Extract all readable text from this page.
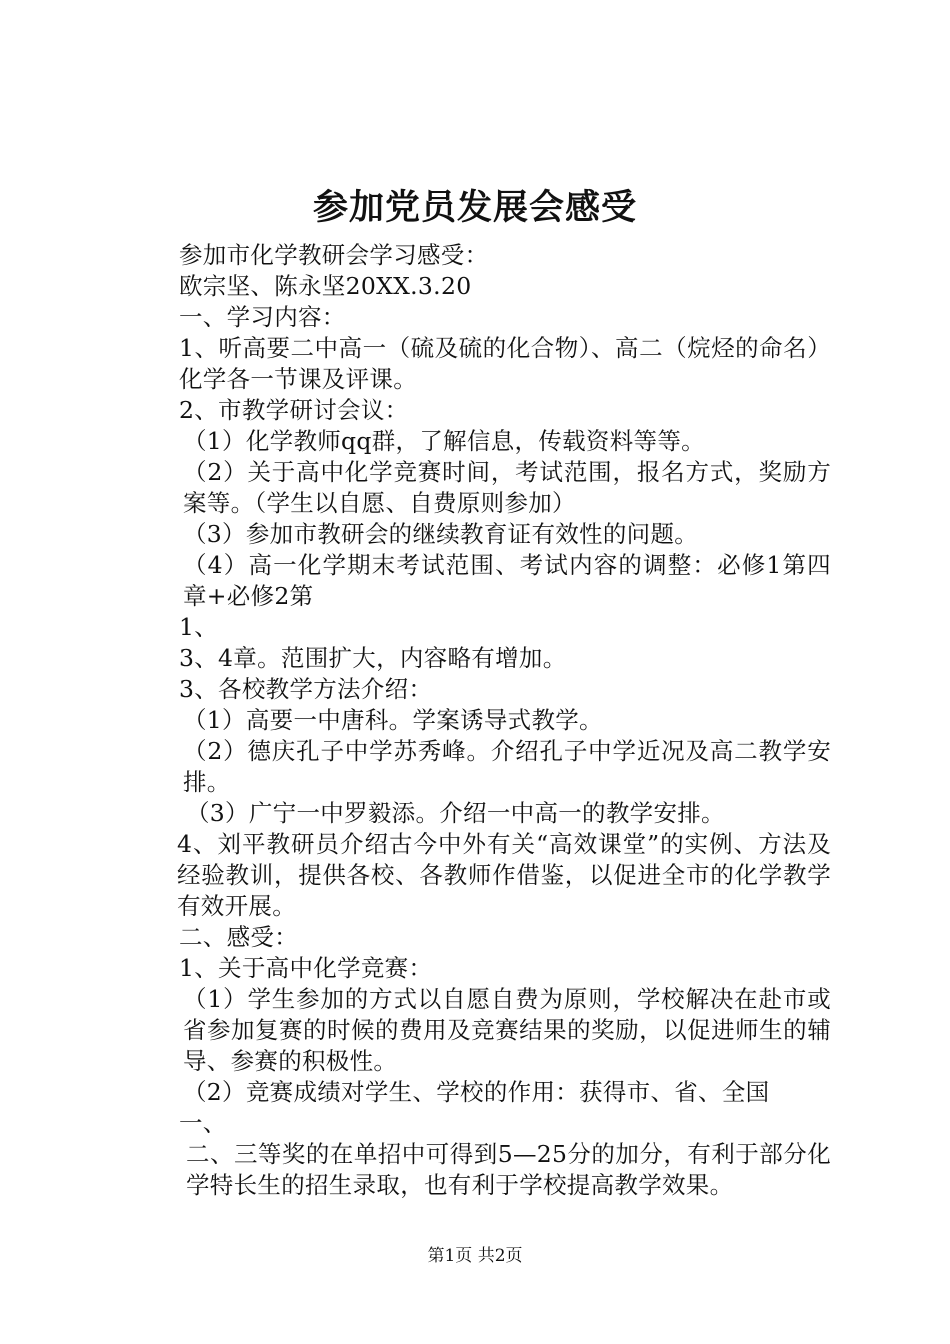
参加党员发展会感受

参加市化学教研会学习感受：

欧宗坚、陈永坚20XX.3.20

一、学习内容：

1、听高要二中高一（硫及硫的化合物）、高二（烷烃的命名）化学各一节课及评课。

2、市教学研讨会议：

（1）化学教师qq群，了解信息，传载资料等等。

（2）关于高中化学竞赛时间，考试范围，报名方式，奖励方案等。（学生以自愿、自费原则参加）

（3）参加市教研会的继续教育证有效性的问题。

（4）高一化学期末考试范围、考试内容的调整：必修1第四章+必修2第

1、

3、4章。范围扩大，内容略有增加。

3、各校教学方法介绍：

（1）高要一中唐科。学案诱导式教学。

（2）德庆孔子中学苏秀峰。介绍孔子中学近况及高二教学安排。

（3）广宁一中罗毅添。介绍一中高一的教学安排。

4、刘平教研员介绍古今中外有关“高效课堂”的实例、方法及经验教训，提供各校、各教师作借鉴，以促进全市的化学教学有效开展。

二、感受：

1、关于高中化学竞赛：

（1）学生参加的方式以自愿自费为原则，学校解决在赴市或省参加复赛的时候的费用及竞赛结果的奖励，以促进师生的辅导、参赛的积极性。

（2）竞赛成绩对学生、学校的作用：获得市、省、全国

一、

二、三等奖的在单招中可得到5—25分的加分，有利于部分化学特长生的招生录取，也有利于学校提高教学效果。

第1页 共2页
